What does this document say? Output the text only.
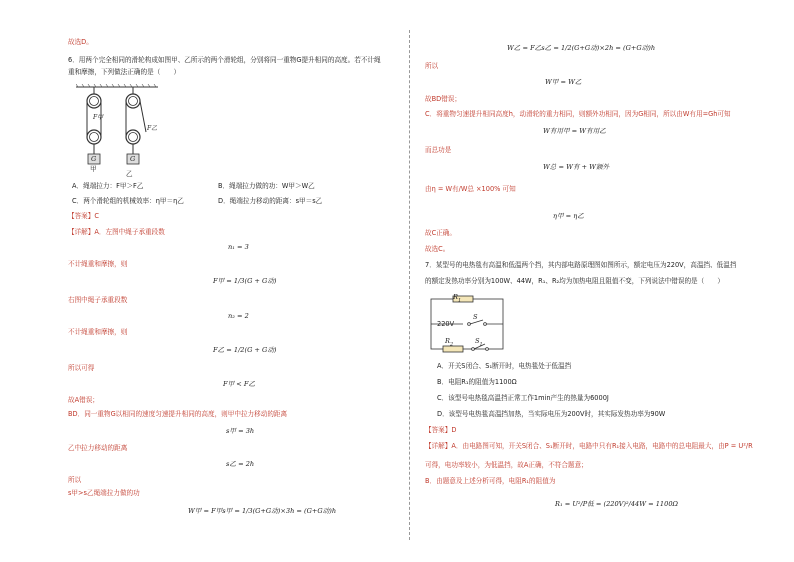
故选D。
6．用两个完全相同的滑轮构成如图甲、乙所示的两个滑轮组，分别将同一重物G提升相同的高度。若不计绳
重和摩擦，下列做法正确的是（　　）
F甲
F乙
G	G
甲
乙
A．绳端拉力：F甲＞F乙	B．绳端拉力做的功：W甲＞W乙
C．两个滑轮组的机械效率：η甲＝η乙	D．绳端拉力移动的距离：s甲＝s乙
【答案】C
【详解】A．左图中绳子承重段数
n₁ = 3
不计绳重和摩擦，则
F甲 = 1/3(G + G动)
右图中绳子承重段数
n₂ = 2
不计绳重和摩擦，则
F乙 = 1/2(G + G动)
所以可得
F甲 < F乙
故A错误；
BD．同一重物G以相同的速度匀速提升相同的高度，则甲中拉力移动的距离
s甲 = 3h
乙中拉力移动的距离
s乙 = 2h
所以
s甲>s乙绳端拉力做的功
W甲 = F甲s甲 = 1/3(G+G动)×3h = (G+G动)h
W乙 = F乙s乙 = 1/2(G+G动)×2h = (G+G动)h
所以
W甲 = W乙
故BD错误；
C．将重物匀速提升相同高度h，动滑轮的重力相同，则额外功相同，因为G相同，所以由W有用=Gh可知
W有用甲 = W有用乙
而总功是
W总 = W有 + W额外
由η = W有/W总 ×100% 可知
η甲 = η乙
故C正确。
故选C。
7．某型号的电热毯有高温和低温两个挡，其内部电路原理图如图所示，额定电压为220V，高温挡、低温挡
的额定发热功率分别为100W、44W，R₁、R₂均为加热电阻且阻值不变，下列说法中错误的是（　　）
$R_1$
220V
S
$R_2$	$S_1$
A．开关S闭合、S₁断开时，电热毯处于低温挡
B．电阻R₁的阻值为1100Ω
C．该型号电热毯高温挡正常工作1min产生的热量为6000J
D．该型号电热毯高温挡加热，当实际电压为200V时，其实际发热功率为90W
【答案】D
【详解】A．由电路图可知，开关S闭合、S₁断开时，电路中只有R₁接入电路，电路中的总电阻最大，由P = U²/R
可得，电功率较小，为低温挡，故A正确，不符合题意；
B．由题意及上述分析可得，电阻R₁的阻值为
R₁ = U²/P低 = (220V)²/44W = 1100Ω
